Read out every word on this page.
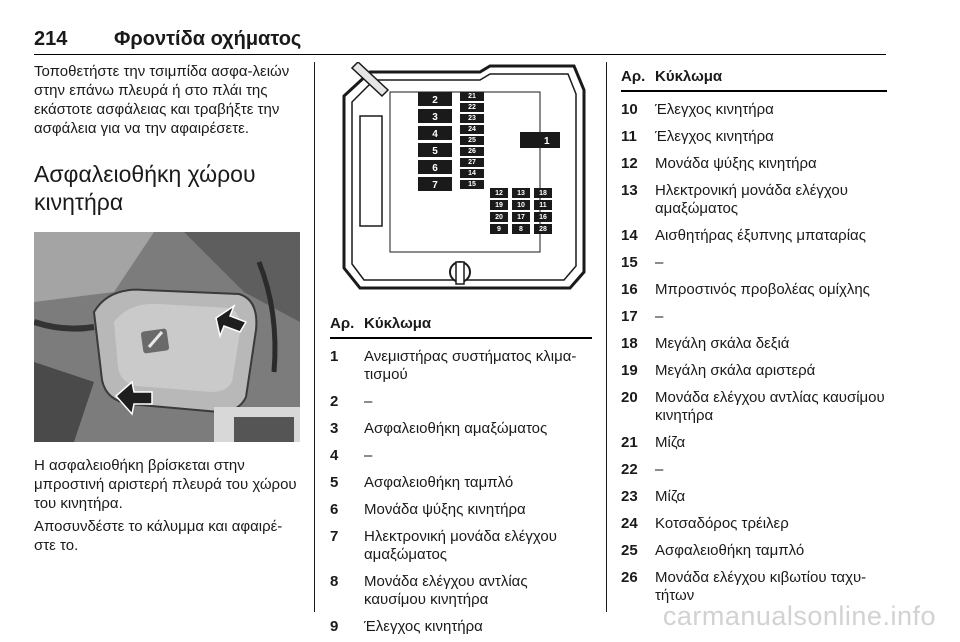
214 Φροντίδα οχήματος

Τοποθετήστε την τσιμπίδα ασφα-λειών στην επάνω πλευρά ή στο πλάι της εκάστοτε ασφάλειας και τραβήξτε την ασφάλεια για να την αφαιρέσετε.

Ασφαλειοθήκη χώρου κινητήρα

Η ασφαλειοθήκη βρίσκεται στην μπροστινή αριστερή πλευρά του χώρου του κινητήρα.

Αποσυνδέστε το κάλυμμα και αφαιρέ-στε το.

2
3
4
5
6
7
21
22
23
24
25
26
27
14
15
12 13 18
19 10 11
20 17 16
9	8 28
1
Αρ. Κύκλωμα
1	Ανεμιστήρας συστήματος κλιμα-τισμού
2	–
3	Ασφαλειοθήκη αμαξώματος
4	–
5	Ασφαλειοθήκη ταμπλό
6	Μονάδα ψύξης κινητήρα
7	Ηλεκτρονική μονάδα ελέγχου αμαξώματος
8	Μονάδα ελέγχου αντλίας καυσίμου κινητήρα
9	Έλεγχος κινητήρα
Αρ. Κύκλωμα
10	Έλεγχος κινητήρα
11	Έλεγχος κινητήρα
12	Μονάδα ψύξης κινητήρα
13	Ηλεκτρονική μονάδα ελέγχου αμαξώματος
14	Αισθητήρας έξυπνης μπαταρίας
15	–
16	Μπροστινός προβολέας ομίχλης
17	–
18	Μεγάλη σκάλα δεξιά
19	Μεγάλη σκάλα αριστερά
20	Μονάδα ελέγχου αντλίας καυσίμου κινητήρα
21	Μίζα
22	–
23	Μίζα
24	Κοτσαδόρος τρέιλερ
25	Ασφαλειοθήκη ταμπλό
26	Μονάδα ελέγχου κιβωτίου ταχυ-τήτων
carmanualsonline.info
